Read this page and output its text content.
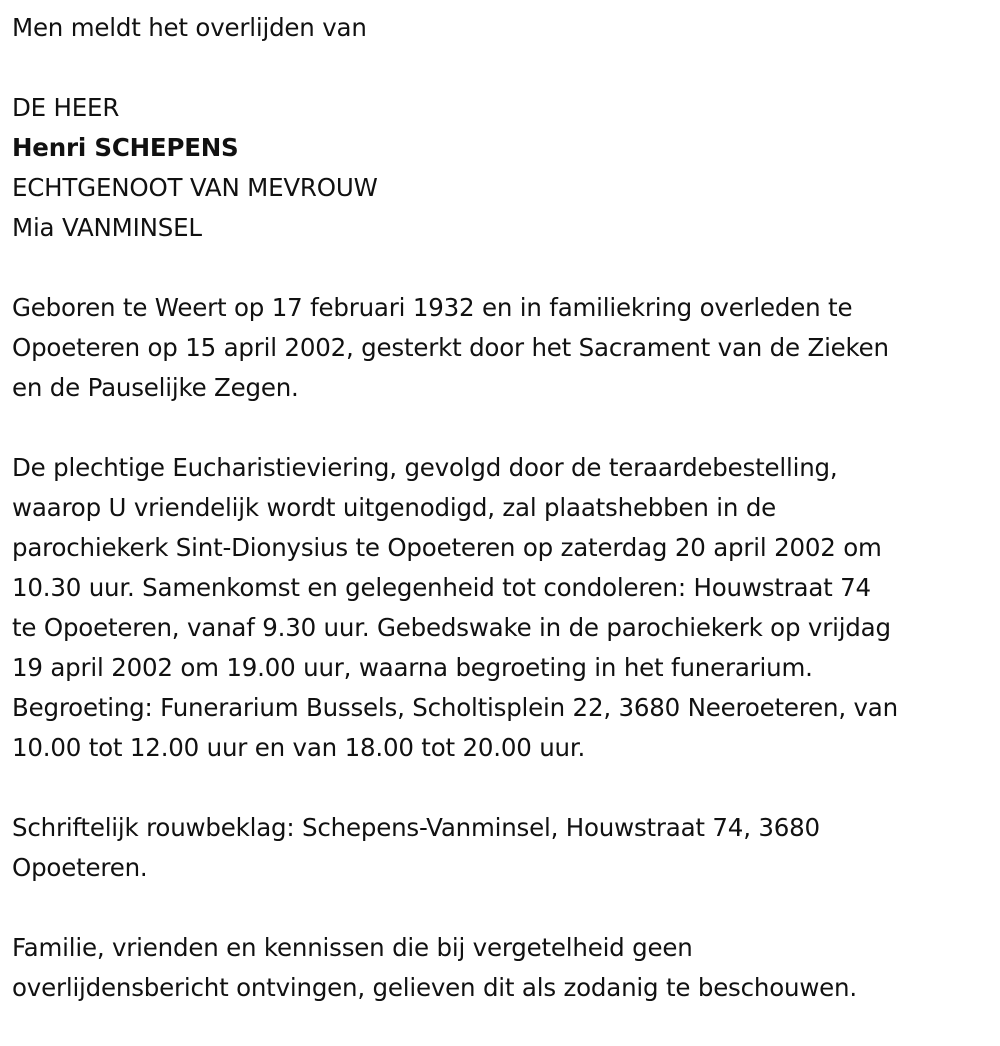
Men meldt het overlijden van

DE HEER

Henri SCHEPENS

ECHTGENOOT VAN MEVROUW

Mia VANMINSEL

Geboren te Weert op 17 februari 1932 en in familiekring overleden te

Opoeteren op 15 april 2002, gesterkt door het Sacrament van de Zieken

en de Pauselijke Zegen.

De plechtige Eucharistieviering, gevolgd door de teraardebestelling,

waarop U vriendelijk wordt uitgenodigd, zal plaatshebben in de

parochiekerk Sint-Dionysius te Opoeteren op zaterdag 20 april 2002 om

10.30 uur. Samenkomst en gelegenheid tot condoleren: Houwstraat 74

te Opoeteren, vanaf 9.30 uur. Gebedswake in de parochiekerk op vrijdag

19 april 2002 om 19.00 uur, waarna begroeting in het funerarium.

Begroeting: Funerarium Bussels, Scholtisplein 22, 3680 Neeroeteren, van

10.00 tot 12.00 uur en van 18.00 tot 20.00 uur.

Schriftelijk rouwbeklag: Schepens-Vanminsel, Houwstraat 74, 3680

Opoeteren.

Familie, vrienden en kennissen die bij vergetelheid geen

overlijdensbericht ontvingen, gelieven dit als zodanig te beschouwen.
